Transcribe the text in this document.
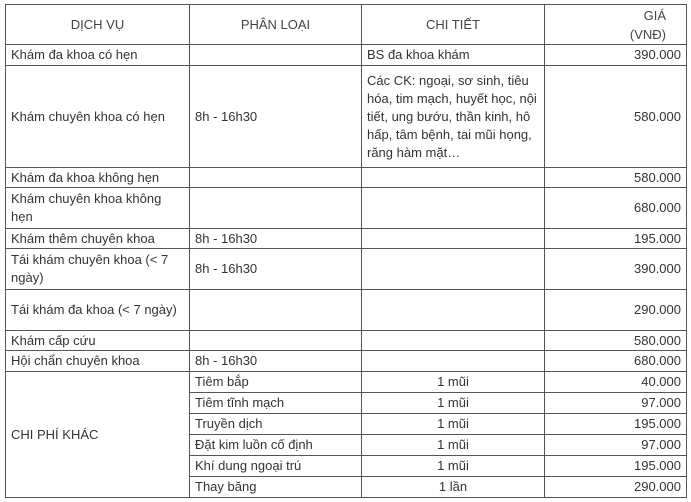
DỊCH VỤ	PHÂN LOẠI	CHI TIẾT	GIÁ
(VNĐ)
Khám đa khoa có hẹn		BS đa khoa khám	390.000
Khám chuyên khoa có hẹn	8h - 16h30	Các CK: ngoại, sơ sinh, tiêu hóa, tim mạch, huyết học, nội tiết, ung bướu, thần kinh, hô hấp, tâm bệnh, tai mũi họng, răng hàm mặt…	580.000
Khám đa khoa không hẹn			580.000
Khám chuyên khoa không hẹn			680.000
Khám thêm chuyên khoa	8h - 16h30		195.000
Tái khám chuyên khoa (< 7 ngày)	8h - 16h30		390.000
Tái khám đa khoa (< 7 ngày)			290.000
Khám cấp cứu			580.000
Hội chẩn chuyên khoa	8h - 16h30		680.000
CHI PHÍ KHÁC	Tiêm bắp	1 mũi	40.000
	Tiêm tĩnh mạch	1 mũi	97.000
	Truyền dịch	1 mũi	195.000
	Đặt kim luồn cố định	1 mũi	97.000
	Khí dung ngoại trú	1 mũi	195.000
	Thay băng	1 lần	290.000
